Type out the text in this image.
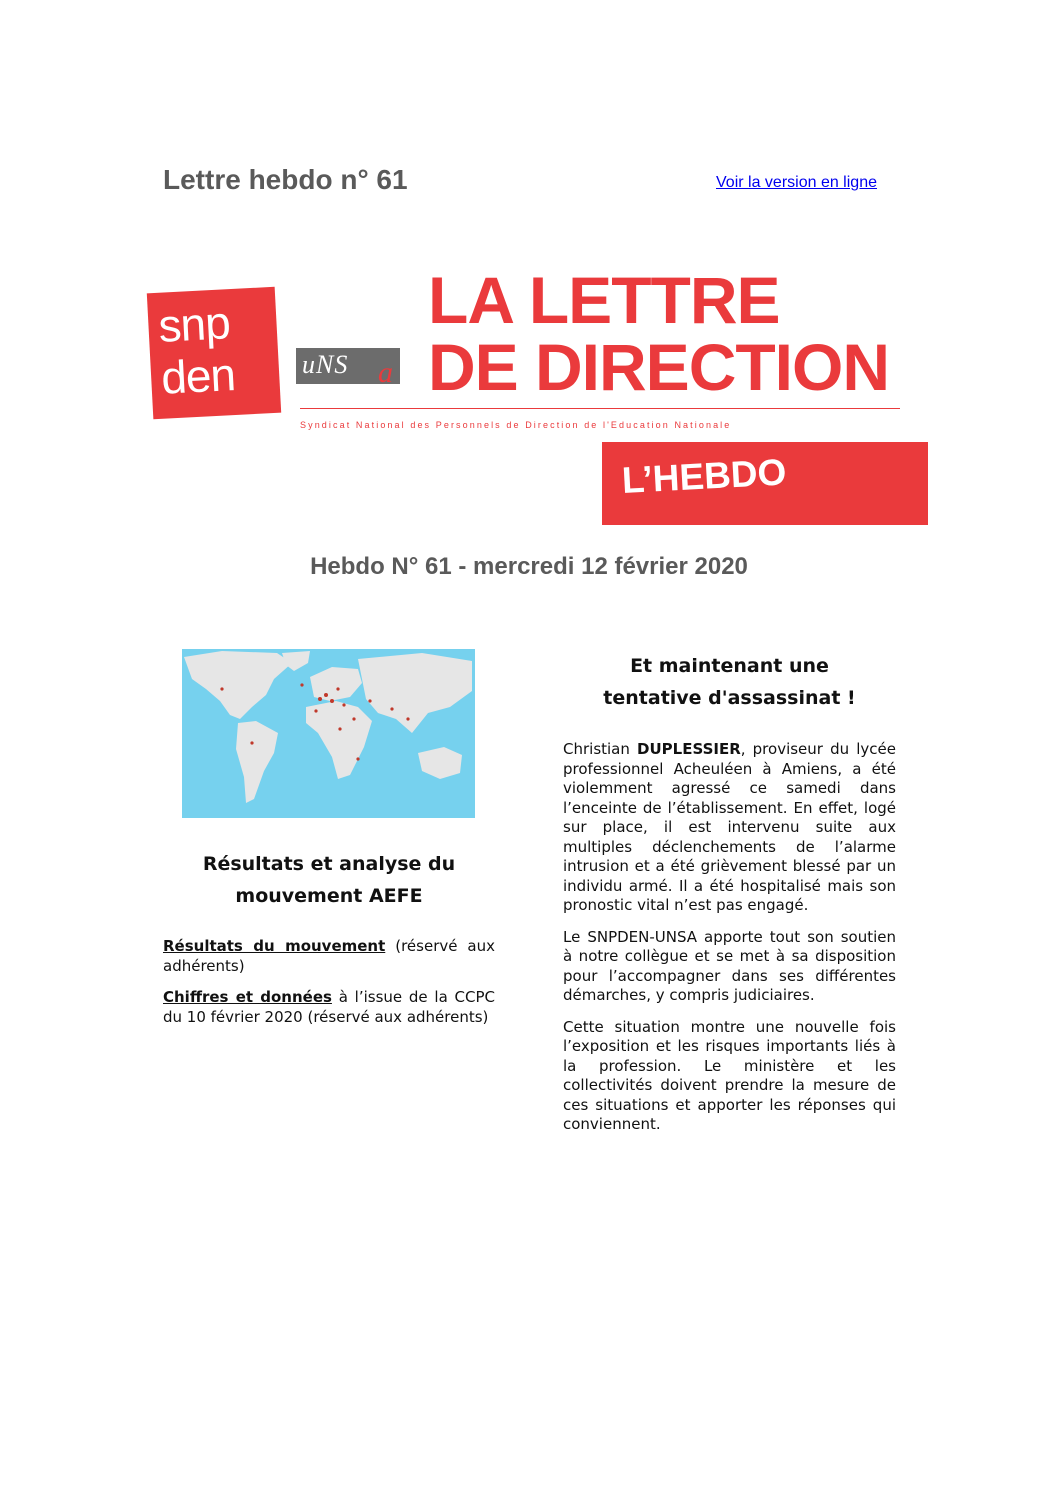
Lettre hebdo n° 61	Voir la version en ligne
snp
den	uNS a
LA LETTRE
DE DIRECTION
Syndicat National des Personnels de Direction de l'Education Nationale
L’HEBDO
Hebdo N° 61 - mercredi 12 février 2020
Résultats et analyse du
mouvement AEFE

Résultats du mouvement (réservé aux adhérents)

Chiffres et données à l’issue de la CCPC du 10 février 2020 (réservé aux adhérents)

Et maintenant une
tentative d'assassinat !

Christian DUPLESSIER, proviseur du lycée professionnel Acheuléen à Amiens, a été violemment agressé ce samedi dans l’enceinte de l’établissement. En effet, logé sur place, il est intervenu suite aux multiples déclenchements de l’alarme intrusion et a été grièvement blessé par un individu armé. Il a été hospitalisé mais son pronostic vital n’est pas engagé.

Le SNPDEN-UNSA apporte tout son soutien à notre collègue et se met à sa disposition pour l’accompagner dans ses différentes démarches, y compris judiciaires.

Cette situation montre une nouvelle fois l’exposition et les risques importants liés à la profession. Le ministère et les collectivités doivent prendre la mesure de ces situations et apporter les réponses qui conviennent.
